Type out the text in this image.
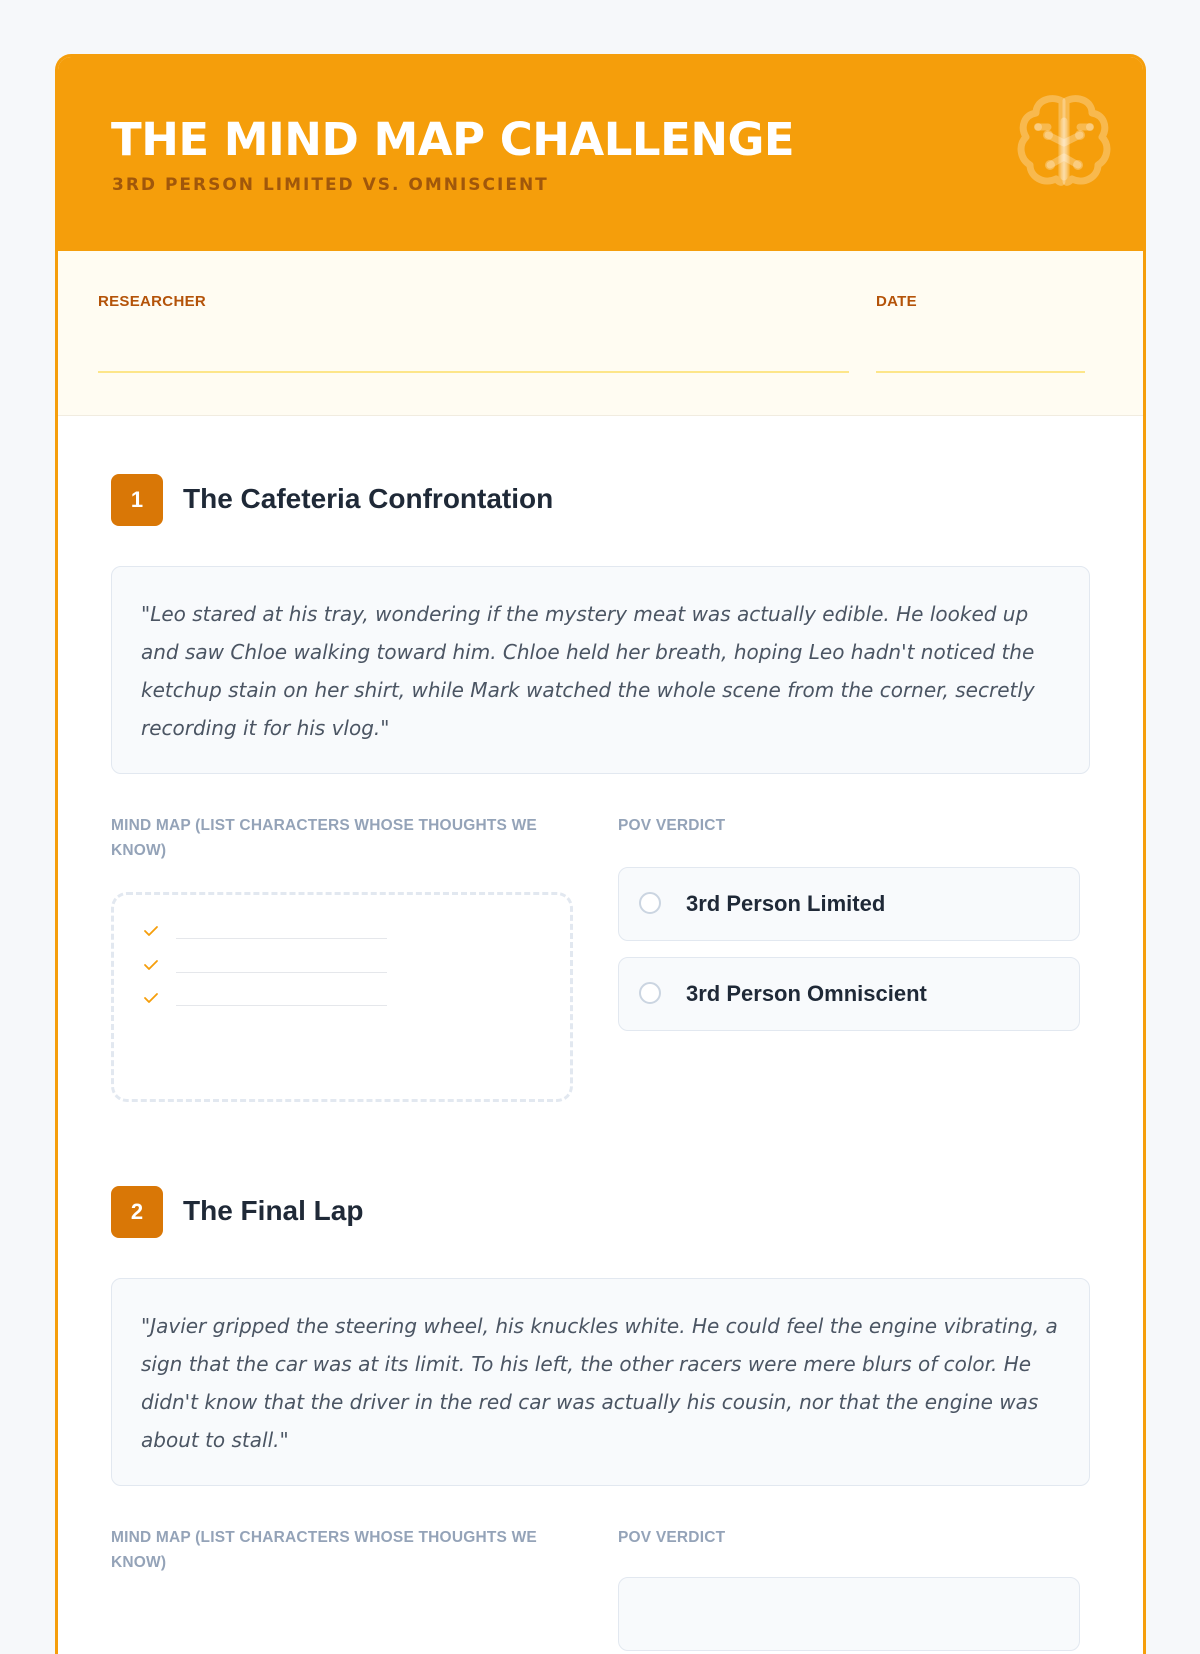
THE MIND MAP CHALLENGE
3RD PERSON LIMITED VS. OMNISCIENT
RESEARCHER	DATE
1	The Cafeteria Confrontation
"Leo stared at his tray, wondering if the mystery meat was actually edible. He looked up and saw Chloe walking toward him. Chloe held her breath, hoping Leo hadn't noticed the ketchup stain on her shirt, while Mark watched the whole scene from the corner, secretly recording it for his vlog."
MIND MAP (LIST CHARACTERS WHOSE THOUGHTS WE KNOW)
POV VERDICT
3rd Person Limited
3rd Person Omniscient
2	The Final Lap
"Javier gripped the steering wheel, his knuckles white. He could feel the engine vibrating, a sign that the car was at its limit. To his left, the other racers were mere blurs of color. He didn't know that the driver in the red car was actually his cousin, nor that the engine was about to stall."
MIND MAP (LIST CHARACTERS WHOSE THOUGHTS WE KNOW)
POV VERDICT
